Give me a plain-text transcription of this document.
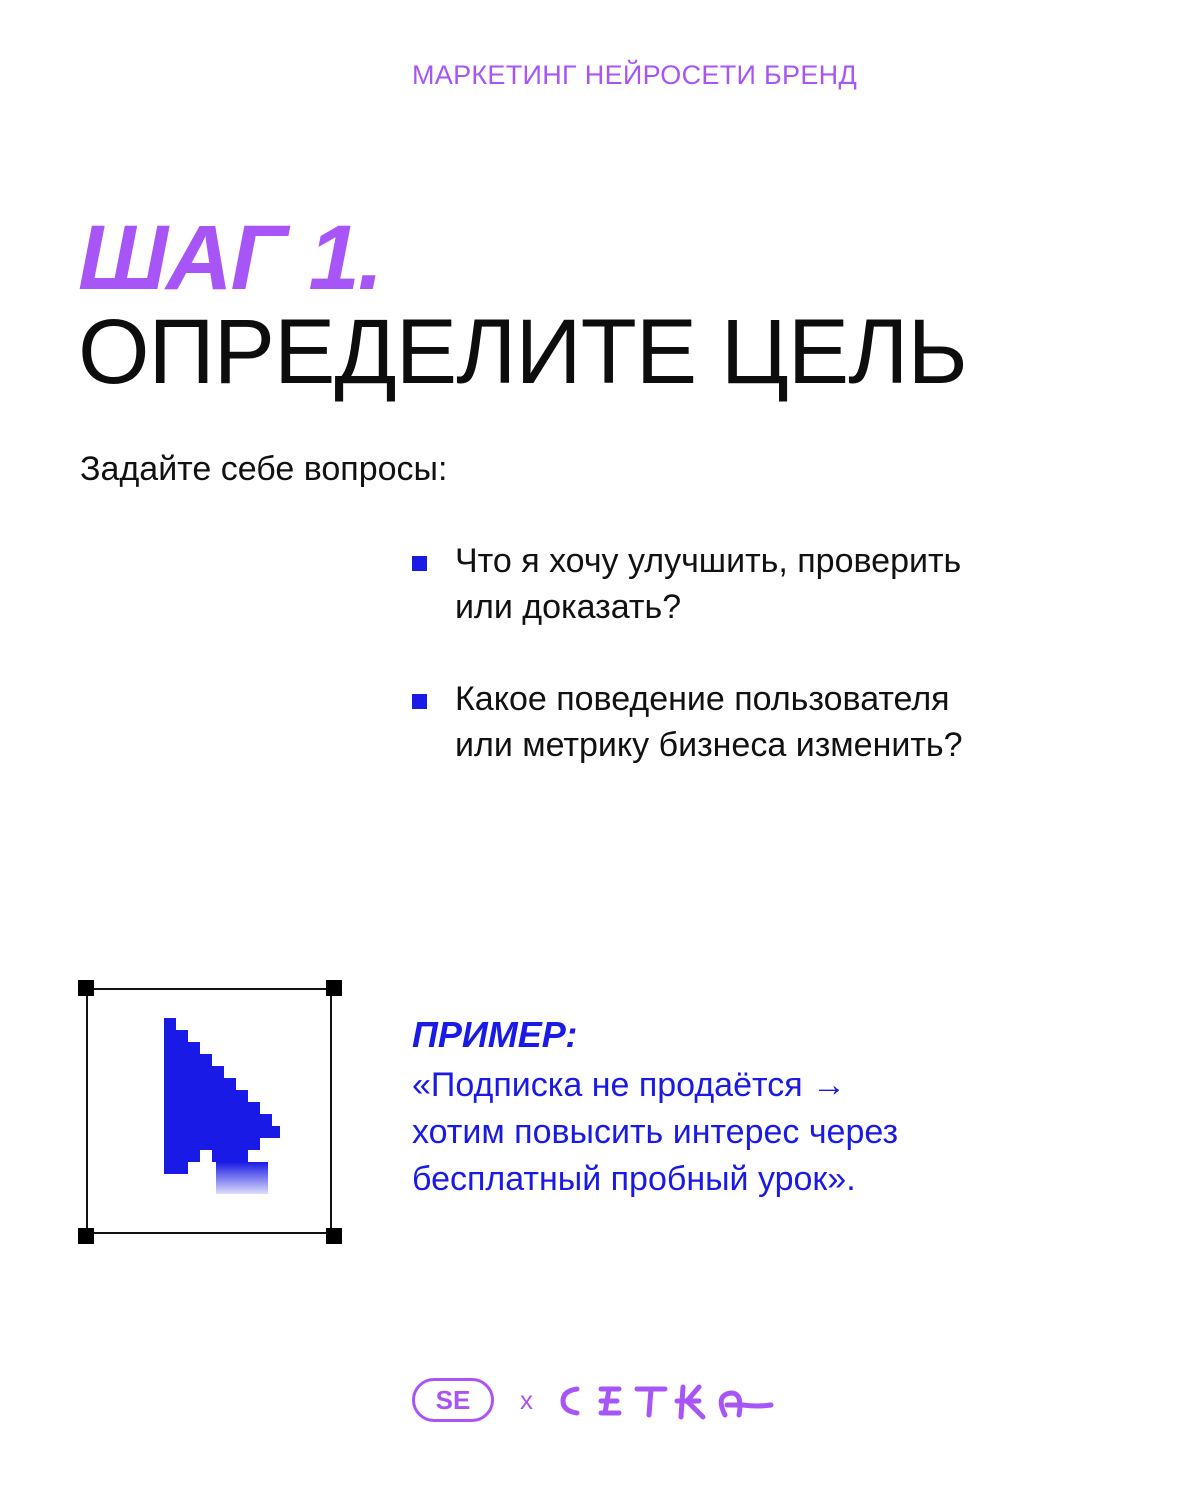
МАРКЕТИНГ НЕЙРОСЕТИ БРЕНД
ШАГ 1.
ОПРЕДЕЛИТЕ ЦЕЛЬ
Задайте себе вопросы:
Что я хочу улучшить, проверить
или доказать?
Какое поведение пользователя
или метрику бизнеса изменить?
ПРИМЕР:
«Подписка не продаётся →
хотим повысить интерес через
бесплатный пробный урок».
SE	x
